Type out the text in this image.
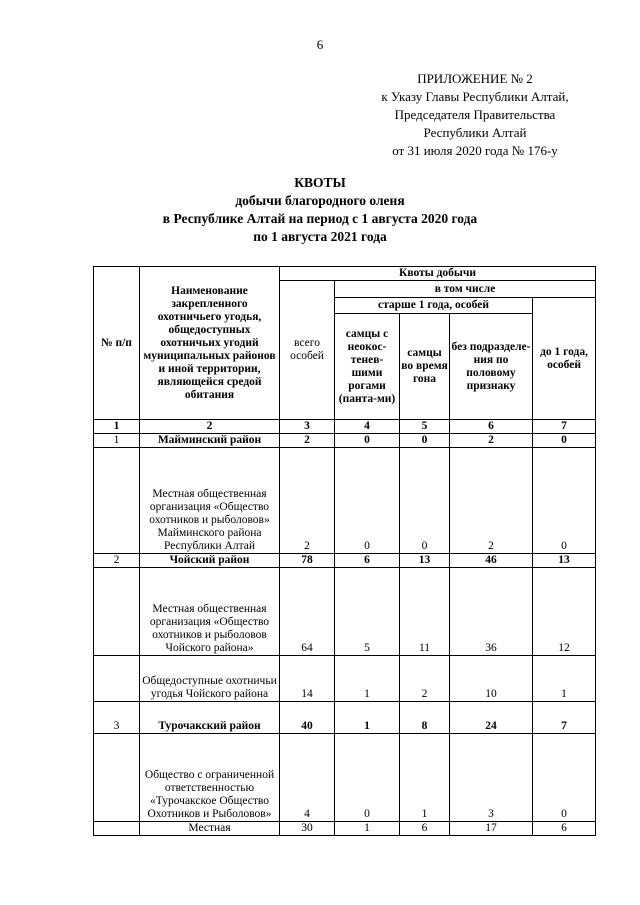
6
ПРИЛОЖЕНИЕ № 2
к Указу Главы Республики Алтай,
Председателя Правительства
Республики Алтай
от 31 июля 2020 года № 176-у
КВОТЫ
добычи благородного оленя
в Республике Алтай на период с 1 августа 2020 года
по 1 августа 2021 года
№ п/п	Наименование закрепленного охотничьего угодья, общедоступных охотничьих угодий муниципальных районов и иной территории, являющейся средой обитания	Квоты добычи				
		всего особей	в том числе			
			старше 1 года, особей			до 1 года, особей
			самцы с неокос-тенев-шими рогами (панта-ми)	самцы во время гона	без подразделе-ния по половому признаку	

1	2	3	4	5	6	7
1	Майминский район	2	0	0	2	0
	Местная общественная организация «Общество охотников и рыболовов» Майминского района Республики Алтай	2	0	0	2	0
2	Чойский район	78	6	13	46	13
	Местная общественная организация «Общество охотников и рыболовов Чойского района»	64	5	11	36	12
	Общедоступные охотничьи угодья Чойского района	14	1	2	10	1
3	Турочакский район	40	1	8	24	7
	Общество с ограниченной ответственностью «Турочакское Общество Охотников и Рыболовов»	4	0	1	3	0
	Местная	30	1	6	17	6
